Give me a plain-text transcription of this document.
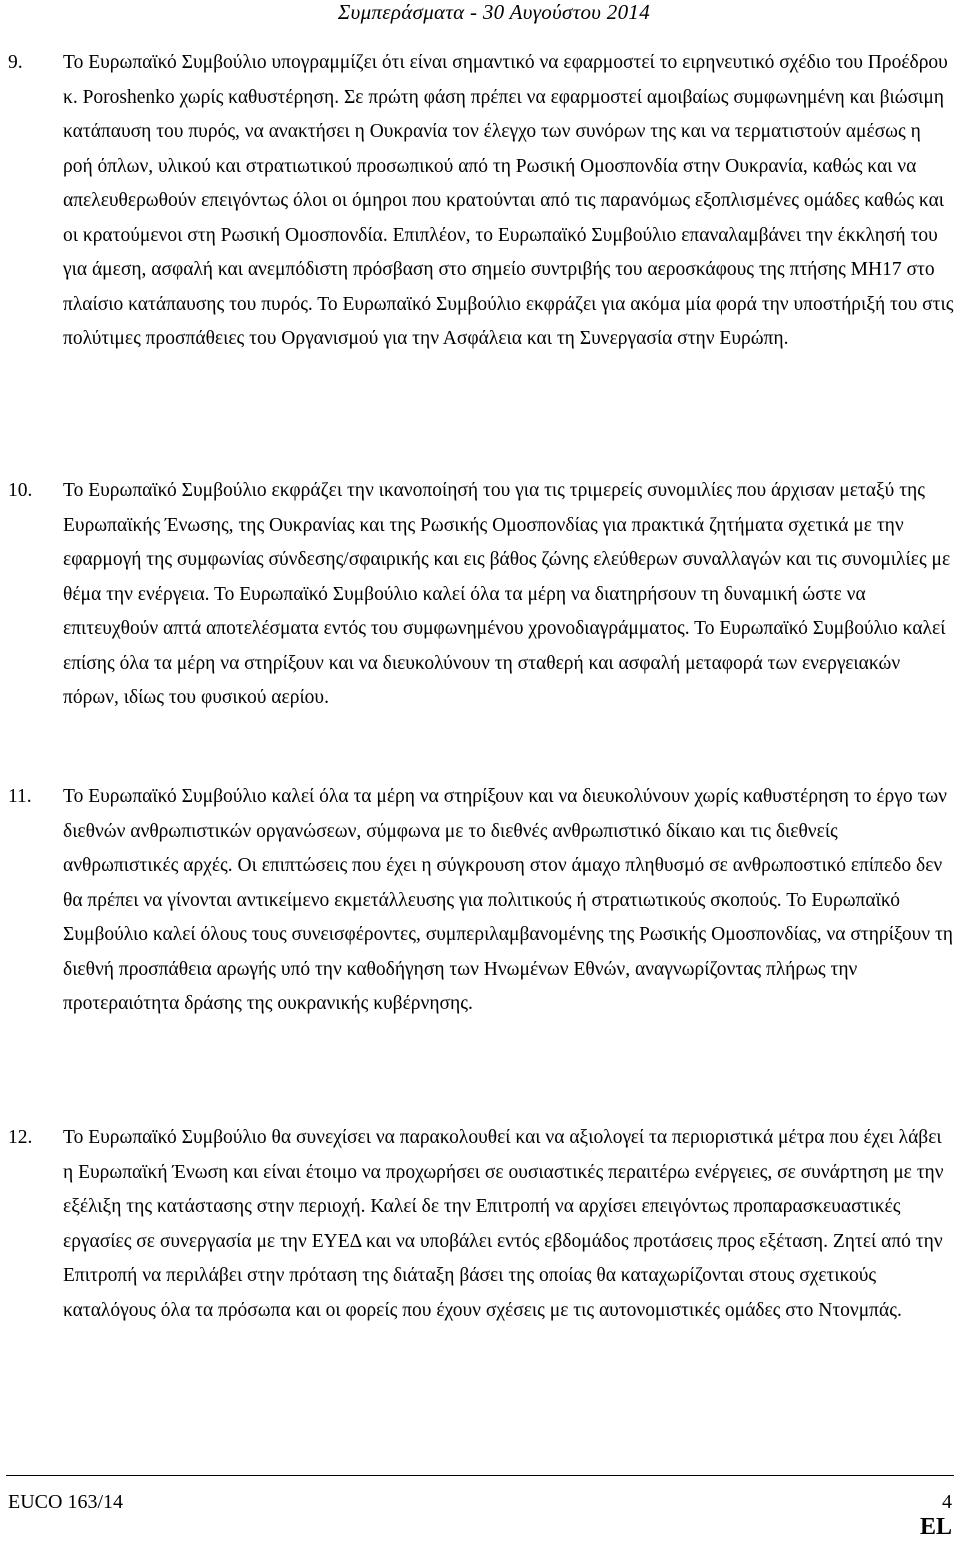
Συμπεράσματα - 30 Αυγούστου 2014
9. Το Ευρωπαϊκό Συμβούλιο υπογραμμίζει ότι είναι σημαντικό να εφαρμοστεί το ειρηνευτικό σχέδιο του Προέδρου κ. Poroshenko χωρίς καθυστέρηση. Σε πρώτη φάση πρέπει να εφαρμοστεί αμοιβαίως συμφωνημένη και βιώσιμη κατάπαυση του πυρός, να ανακτήσει η Ουκρανία τον έλεγχο των συνόρων της και να τερματιστούν αμέσως η ροή όπλων, υλικού και στρατιωτικού προσωπικού από τη Ρωσική Ομοσπονδία στην Ουκρανία, καθώς και να απελευθερωθούν επειγόντως όλοι οι όμηροι που κρατούνται από τις παρανόμως εξοπλισμένες ομάδες καθώς και οι κρατούμενοι στη Ρωσική Ομοσπονδία. Επιπλέον, το Ευρωπαϊκό Συμβούλιο επαναλαμβάνει την έκκλησή του για άμεση, ασφαλή και ανεμπόδιστη πρόσβαση στο σημείο συντριβής του αεροσκάφους της πτήσης MH17 στο πλαίσιο κατάπαυσης του πυρός. Το Ευρωπαϊκό Συμβούλιο εκφράζει για ακόμα μία φορά την υποστήριξή του στις πολύτιμες προσπάθειες του Οργανισμού για την Ασφάλεια και τη Συνεργασία στην Ευρώπη.
10. Το Ευρωπαϊκό Συμβούλιο εκφράζει την ικανοποίησή του για τις τριμερείς συνομιλίες που άρχισαν μεταξύ της Ευρωπαϊκής Ένωσης, της Ουκρανίας και της Ρωσικής Ομοσπονδίας για πρακτικά ζητήματα σχετικά με την εφαρμογή της συμφωνίας σύνδεσης/σφαιρικής και εις βάθος ζώνης ελεύθερων συναλλαγών και τις συνομιλίες με θέμα την ενέργεια. Το Ευρωπαϊκό Συμβούλιο καλεί όλα τα μέρη να διατηρήσουν τη δυναμική ώστε να επιτευχθούν απτά αποτελέσματα εντός του συμφωνημένου χρονοδιαγράμματος. Το Ευρωπαϊκό Συμβούλιο καλεί επίσης όλα τα μέρη να στηρίξουν και να διευκολύνουν τη σταθερή και ασφαλή μεταφορά των ενεργειακών πόρων, ιδίως του φυσικού αερίου.
11. Το Ευρωπαϊκό Συμβούλιο καλεί όλα τα μέρη να στηρίξουν και να διευκολύνουν χωρίς καθυστέρηση το έργο των διεθνών ανθρωπιστικών οργανώσεων, σύμφωνα με το διεθνές ανθρωπιστικό δίκαιο και τις διεθνείς ανθρωπιστικές αρχές. Οι επιπτώσεις που έχει η σύγκρουση στον άμαχο πληθυσμό σε ανθρωποστικό επίπεδο δεν θα πρέπει να γίνονται αντικείμενο εκμετάλλευσης για πολιτικούς ή στρατιωτικούς σκοπούς. Το Ευρωπαϊκό Συμβούλιο καλεί όλους τους συνεισφέροντες, συμπεριλαμβανομένης της Ρωσικής Ομοσπονδίας, να στηρίξουν τη διεθνή προσπάθεια αρωγής υπό την καθοδήγηση των Ηνωμένων Εθνών, αναγνωρίζοντας πλήρως την προτεραιότητα δράσης της ουκρανικής κυβέρνησης.
12. Το Ευρωπαϊκό Συμβούλιο θα συνεχίσει να παρακολουθεί και να αξιολογεί τα περιοριστικά μέτρα που έχει λάβει η Ευρωπαϊκή Ένωση και είναι έτοιμο να προχωρήσει σε ουσιαστικές περαιτέρω ενέργειες, σε συνάρτηση με την εξέλιξη της κατάστασης στην περιοχή. Καλεί δε την Επιτροπή να αρχίσει επειγόντως προπαρασκευαστικές εργασίες σε συνεργασία με την ΕΥΕΔ και να υποβάλει εντός εβδομάδος προτάσεις προς εξέταση. Ζητεί από την Επιτροπή να περιλάβει στην πρόταση της διάταξη βάσει της οποίας θα καταχωρίζονται στους σχετικούς καταλόγους όλα τα πρόσωπα και οι φορείς που έχουν σχέσεις με τις αυτονομιστικές ομάδες στο Ντονμπάς.
EUCO 163/14	4
EL
